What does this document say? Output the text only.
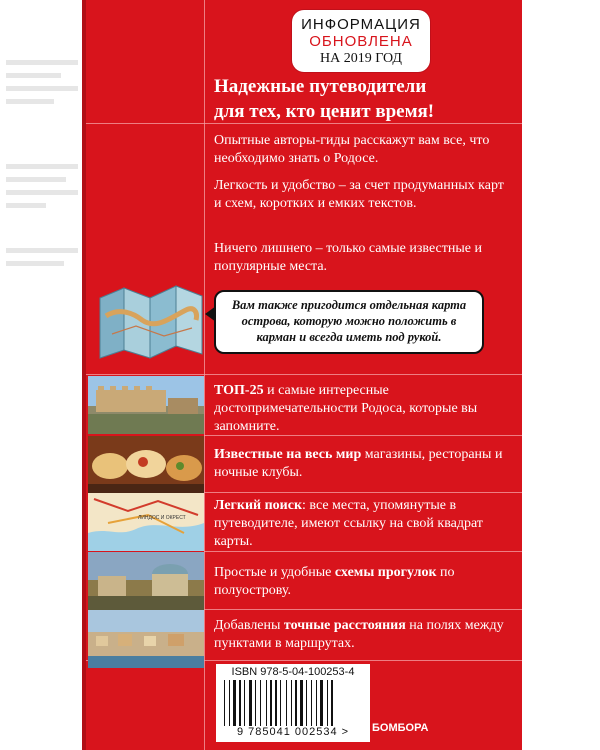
ИНФОРМАЦИЯ
ОБНОВЛЕНА
НА 2019 ГОД
Надежные путеводители
для тех, кто ценит время!
Опытные авторы-гиды расскажут вам все, что необходимо знать о Родосе.
Легкость и удобство – за счет продуманных карт и схем, коротких и емких текстов.
Ничего лишнего – только самые известные и популярные места.
Вам также пригодится отдельная карта острова, которую можно положить в карман и всегда иметь под рукой.
ТОП-25 и самые интересные достопримечательности Родоса, которые вы запомните.
Известные на весь мир магазины, рестораны и ночные клубы.
ЛИНДОС И ОКРЕСТ
Легкий поиск: все места, упомянутые в путеводителе, имеют ссылку на свой квадрат карты.
Простые и удобные схемы прогулок по полуострову.
Добавлены точные расстояния на полях между пунктами в маршрутах.
ISBN 978-5-04-100253-4
9 785041 002534 >	БОМБОРА
